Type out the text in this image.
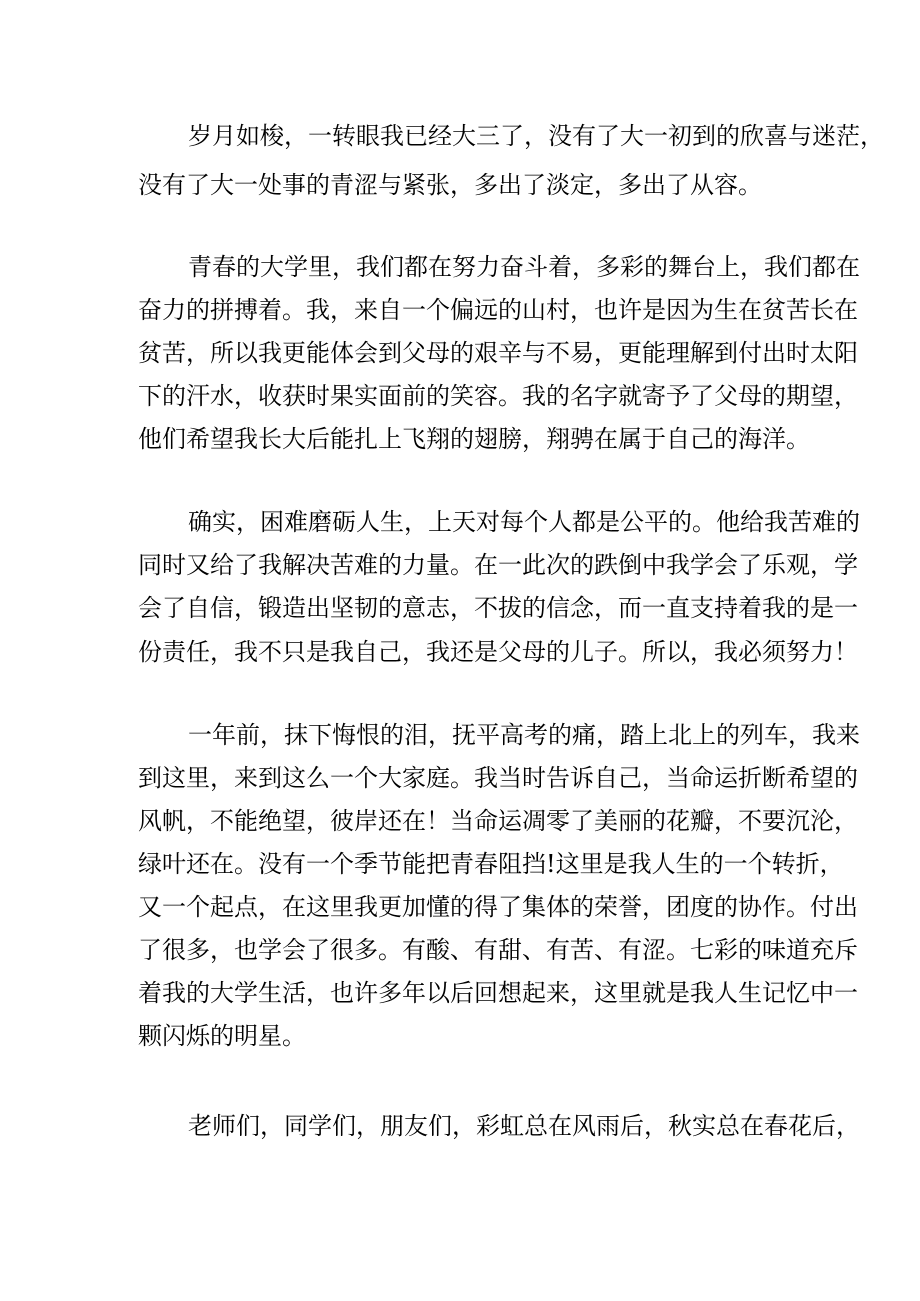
岁月如梭，一转眼我已经大三了，没有了大一初到的欣喜与迷茫，
没有了大一处事的青涩与紧张，多出了淡定，多出了从容。
青春的大学里，我们都在努力奋斗着，多彩的舞台上，我们都在
奋力的拼搏着。我，来自一个偏远的山村，也许是因为生在贫苦长在
贫苦，所以我更能体会到父母的艰辛与不易，更能理解到付出时太阳
下的汗水，收获时果实面前的笑容。我的名字就寄予了父母的期望，
他们希望我长大后能扎上飞翔的翅膀，翔骋在属于自己的海洋。
确实，困难磨砺人生，上天对每个人都是公平的。他给我苦难的
同时又给了我解决苦难的力量。在一此次的跌倒中我学会了乐观，学
会了自信，锻造出坚韧的意志，不拔的信念，而一直支持着我的是一
份责任，我不只是我自己，我还是父母的儿子。所以，我必须努力！
一年前，抹下悔恨的泪，抚平高考的痛，踏上北上的列车，我来
到这里，来到这么一个大家庭。我当时告诉自己，当命运折断希望的
风帆，不能绝望，彼岸还在！当命运凋零了美丽的花瓣，不要沉沦，
绿叶还在。没有一个季节能把青春阻挡!这里是我人生的一个转折，
又一个起点，在这里我更加懂的得了集体的荣誉，团度的协作。付出
了很多，也学会了很多。有酸、有甜、有苦、有涩。七彩的味道充斥
着我的大学生活，也许多年以后回想起来，这里就是我人生记忆中一
颗闪烁的明星。
老师们，同学们，朋友们，彩虹总在风雨后，秋实总在春花后，
